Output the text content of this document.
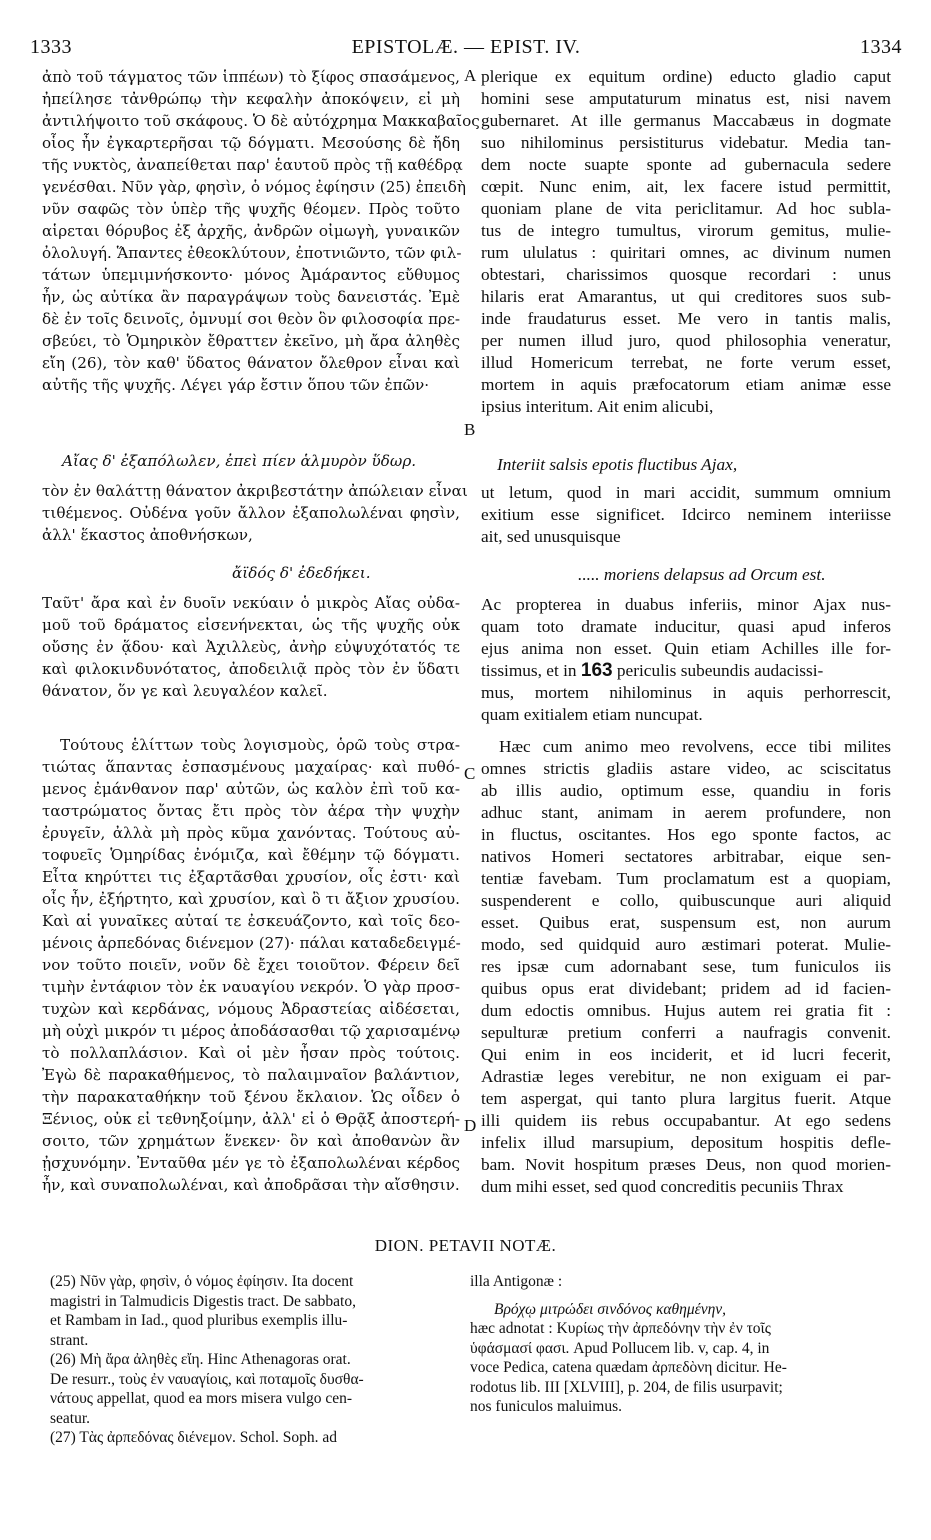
1333	EPISTOLÆ. — EPIST. IV.	1334
ἀπὸ τοῦ τάγματος τῶν ἱππέων) τὸ ξίφος σπασάμενος,
ἠπείλησε τἀνθρώπῳ τὴν κεφαλὴν ἀποκόψειν, εἰ μὴ
ἀντιλήψοιτο τοῦ σκάφους. Ὁ δὲ αὐτόχρημα Μακκαβαῖος
οἷος ἦν ἐγκαρτερῆσαι τῷ δόγματι. Μεσούσης δὲ ἤδη
τῆς νυκτὸς, ἀναπείθεται παρ' ἑαυτοῦ πρὸς τῇ καθέδρᾳ
γενέσθαι. Νῦν γὰρ, φησὶν, ὁ νόμος ἐφίησιν (25) ἐπειδὴ
νῦν σαφῶς τὸν ὑπὲρ τῆς ψυχῆς θέομεν. Πρὸς τοῦτο
αἱρεται θόρυβος ἐξ ἀρχῆς, ἀνδρῶν οἰμωγὴ, γυναικῶν
ὀλολυγή. Ἅπαντες ἐθεοκλύτουν, ἐποτνιῶντο, τῶν φιλ-
τάτων ὑπεμιμνήσκοντο· μόνος Ἀμάραντος εὔθυμος
ἦν, ὡς αὐτίκα ἂν παραγράψων τοὺς δανειστάς. Ἐμὲ
δὲ ἐν τοῖς δεινοῖς, ὀμνυμί σοι θεὸν ὃν φιλοσοφία πρε-
σβεύει, τὸ Ὁμηρικὸν ἔθραττεν ἐκεῖνο, μὴ ἄρα ἀληθὲς
εἴη (26), τὸν καθ' ὕδατος θάνατον ὄλεθρον εἶναι καὶ
αὐτῆς τῆς ψυχῆς. Λέγει γάρ ἔστιν ὅπου τῶν ἐπῶν·
Αἴας δ' ἐξαπόλωλεν, ἐπεὶ πίεν ἁλμυρὸν ὕδωρ.
τὸν ἐν θαλάττῃ θάνατον ἀκριβεστάτην ἀπώλειαν εἶναι
τιθέμενος. Οὐδένα γοῦν ἄλλον ἐξαπολωλέναι φησὶν,
ἀλλ' ἕκαστος ἀποθνήσκων,
ἄϊδός δ' ἐδεδήκει.
Ταῦτ' ἄρα καὶ ἐν δυοῖν νεκύαιν ὁ μικρὸς Αἴας οὐδα-
μοῦ τοῦ δράματος εἰσενήνεκται, ὡς τῆς ψυχῆς οὐκ
οὔσης ἐν ᾅδου· καὶ Ἀχιλλεὺς, ἀνὴρ εὐψυχότατός τε
καὶ φιλοκινδυνότατος, ἀποδειλιᾷ πρὸς τὸν ἐν ὕδατι
θάνατον, ὅν γε καὶ λευγαλέον καλεῖ.
Τούτους ἑλίττων τοὺς λογισμοὺς, ὁρῶ τοὺς στρα-
τιώτας ἅπαντας ἐσπασμένους μαχαίρας· καὶ πυθό-
μενος ἐμάνθανον παρ' αὐτῶν, ὡς καλὸν ἐπὶ τοῦ κα-
ταστρώματος ὄντας ἔτι πρὸς τὸν ἀέρα τὴν ψυχὴν
ἐρυγεῖν, ἀλλὰ μὴ πρὸς κῦμα χανόντας. Τούτους αὐ-
τοφυεῖς Ὁμηρίδας ἐνόμιζα, καὶ ἔθέμην τῷ δόγματι.
Εἶτα κηρύττει τις ἐξαρτᾶσθαι χρυσίον, οἷς ἐστι· καὶ
οἷς ἦν, ἐξήρτητο, καὶ χρυσίον, καὶ ὃ τι ἄξιον χρυσίου.
Καὶ αἱ γυναῖκες αὐταί τε ἐσκευάζοντο, καὶ τοῖς δεο-
μένοις ἀρπεδόνας διένεμον (27)· πάλαι καταδεδειγμέ-
νον τοῦτο ποιεῖν, νοῦν δὲ ἔχει τοιοῦτον. Φέρειν δεῖ
τιμὴν ἐντάφιον τὸν ἐκ ναυαγίου νεκρόν. Ὁ γὰρ προσ-
τυχὼν καὶ κερδάνας, νόμους Ἀδραστείας αἰδέσεται,
μὴ οὐχὶ μικρόν τι μέρος ἀποδάσασθαι τῷ χαρισαμένῳ
τὸ πολλαπλάσιον. Καὶ οἱ μὲν ἦσαν πρὸς τούτοις.
Ἐγὼ δὲ παρακαθήμενος, τὸ παλαιμναῖον βαλάντιον,
τὴν παρακαταθήκην τοῦ ξένου ἔκλαιον. Ὡς οἶδεν ὁ
Ξένιος, οὐκ εἰ τεθνηξοίμην, ἀλλ' εἰ ὁ Θρᾷξ ἀποστερή-
σοιτο, τῶν χρημάτων ἕνεκεν· ὃν καὶ ἀποθανὼν ἂν
ᾐσχυνόμην. Ἐνταῦθα μέν γε τὸ ἐξαπολωλέναι κέρδος
ἦν, καὶ συναπολωλέναι, καὶ ἀποδρᾶσαι τὴν αἴσθησιν.
A
B
C
D
plerique ex equitum ordine) educto gladio caput
homini sese amputaturum minatus est, nisi navem
gubernaret. At ille germanus Maccabæus in dogmate
suo nihilominus persistiturus videbatur. Media tan-
dem nocte suapte sponte ad gubernacula sedere
cœpit. Nunc enim, ait, lex facere istud permittit,
quoniam plane de vita periclitamur. Ad hoc subla-
tus de integro tumultus, virorum gemitus, mulie-
rum ululatus : quiritari omnes, ac divinum numen
obtestari, charissimos quosque recordari : unus
hilaris erat Amarantus, ut qui creditores suos sub-
inde fraudaturus esset. Me vero in tantis malis,
per numen illud juro, quod philosophia veneratur,
illud Homericum terrebat, ne forte verum esset,
mortem in aquis præfocatorum etiam animæ esse
ipsius interitum. Ait enim alicubi,
Interiit salsis epotis fluctibus Ajax,
ut letum, quod in mari accidit, summum omnium
exitium esse significet. Idcirco neminem interiisse
ait, sed unusquisque
..... moriens delapsus ad Orcum est.
Ac propterea in duabus inferiis, minor Ajax nus-
quam toto dramate inducitur, quasi apud inferos
ejus anima non esset. Quin etiam Achilles ille for-
tissimus, et in 163 periculis subeundis audacissi-
mus, mortem nihilominus in aquis perhorrescit,
quam exitialem etiam nuncupat.
Hæc cum animo meo revolvens, ecce tibi milites
omnes strictis gladiis astare video, ac sciscitatus
ab illis audio, optimum esse, quandiu in foris
adhuc stant, animam in aerem profundere, non
in fluctus, oscitantes. Hos ego sponte factos, ac
nativos Homeri sectatores arbitrabar, eique sen-
tentiæ favebam. Tum proclamatum est a quopiam,
suspenderent e collo, quibuscunque auri aliquid
esset. Quibus erat, suspensum est, non aurum
modo, sed quidquid auro æstimari poterat. Mulie-
res ipsæ cum adornabant sese, tum funiculos iis
quibus opus erat dividebant; pridem ad id facien-
dum edoctis omnibus. Hujus autem rei gratia fit :
sepulturæ pretium conferri a naufragis convenit.
Qui enim in eos inciderit, et id lucri fecerit,
Adrastiæ leges verebitur, ne non exiguam ei par-
tem aspergat, qui tanto plura largitus fuerit. Atque
illi quidem iis rebus occupabantur. At ego sedens
infelix illud marsupium, depositum hospitis defle-
bam. Novit hospitum præses Deus, non quod morien-
dum mihi esset, sed quod concreditis pecuniis Thrax
DION. PETAVII NOTÆ.
(25) Νῦν γὰρ, φησὶν, ὁ νόμος ἐφίησιν. Ita docent
magistri in Talmudicis Digestis tract. De sabbato,
et Rambam in Iad., quod pluribus exemplis illu-
strant.
(26) Μὴ ἄρα ἀληθὲς εἴη. Hinc Athenagoras orat.
De resurr., τοὺς ἐν ναυαγίοις, καὶ ποταμοῖς δυσθα-
νάτους appellat, quod ea mors misera vulgo cen-
seatur.
(27) Τὰς ἀρπεδόνας διένεμον. Schol. Soph. ad
illa Antigonæ :
Βρόχῳ μιτρώδει σινδόνος καθημένην,
hæc adnotat : Κυρίως τὴν ἀρπεδόνην τὴν ἐν τοῖς
ὑφάσμασί φασι. Apud Pollucem lib. v, cap. 4, in
voce Pedica, catena quædam ἀρπεδὸνη dicitur. He-
rodotus lib. III [XLVIII], p. 204, de filis usurpavit;
nos funiculos maluimus.
